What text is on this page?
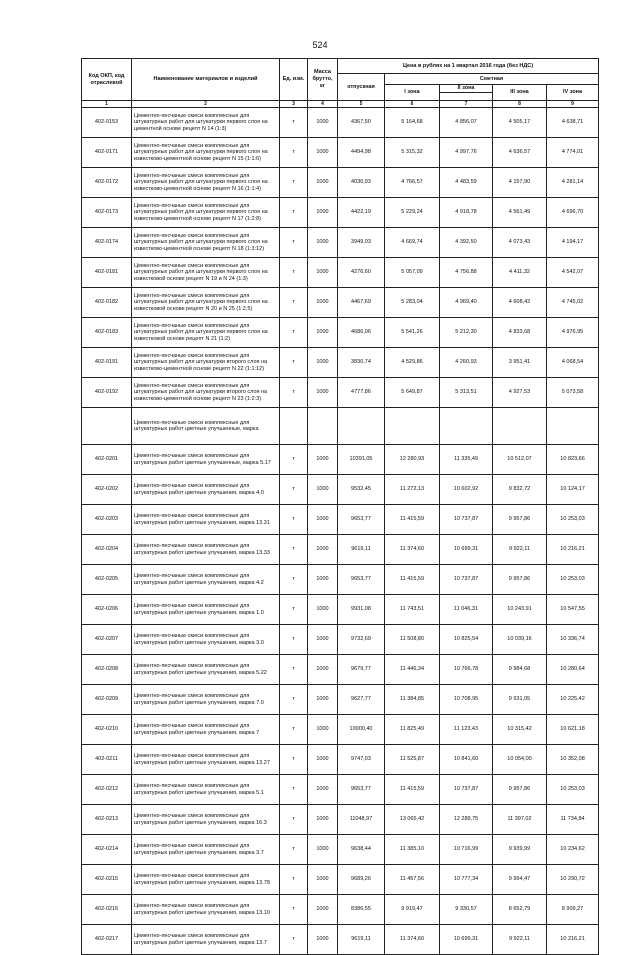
524
Код ОКП, код отраслевой	Наименование материалов и изделий	Ед. изм.	Масса брутто, кг	Цена в рублях на 1 квартал 2016 года (без НДС)				
				отпускная	Сметная			
					I зона	II зона	III зона	IV зона

1	2	3	4	5	6	7	8	9
402-0153	Цементно-песчаные смеси комплексные для штукатурных работ для штукатурки первого слоя на цементной основе рецепт N 14 (1:3)	т	1000	4367,50	5 164,68	4 856,07	4 505,17	4 638,71
402-0171	Цементно-песчаные смеси комплексные для штукатурных работ для штукатурки первого слоя на известково-цементной основе рецепт N 15 (1:1:6)	т	1000	4494,98	5 315,32	4 997,76	4 636,57	4 774,01
402-0172	Цементно-песчаные смеси комплексные для штукатурных работ для штукатурки первого слоя на известково-цементной основе рецепт N 16 (1:1:4)	т	1000	4030,93	4 766,57	4 483,59	4 157,90	4 281,14
402-0173	Цементно-песчаные смеси комплексные для штукатурных работ для штукатурки первого слоя на известково-цементной основе рецепт N 17 (1:2:8)	т	1000	4422,19	5 229,24	4 918,78	4 561,49	4 696,70
402-0174	Цементно-песчаные смеси комплексные для штукатурных работ для штукатурки первого слоя на известково-цементной основе рецепт N 18 (1:3:12)	т	1000	3949,03	4 669,74	4 392,50	4 073,43	4 194,17
402-0181	Цементно-песчаные смеси комплексные для штукатурных работ для штукатурки первого слоя на известковой основе рецепт N 19 и N 24 (1:3)	т	1000	4276,60	5 057,09	4 756,88	4 411,32	4 542,07
402-0182	Цементно-песчаные смеси комплексные для штукатурных работ для штукатурки первого слоя на известковой основе рецепт N 20 и N 25 (1:2,5)	т	1000	4467,69	5 283,04	4 969,40	4 608,42	4 745,02
402-0183	Цементно-песчаные смеси комплексные для штукатурных работ для штукатурки первого слоя на известковой основе рецепт N 21 (1:2)	т	1000	4686,06	5 541,26	5 212,30	4 833,68	4 976,95
402-0191	Цементно-песчаные смеси комплексные для штукатурных работ для штукатурки второго слоя на известково-цементной основе рецепт N 22 (1:1:12)	т	1000	3830,74	4 529,86	4 260,93	3 951,41	4 068,54
402-0192	Цементно-песчаные смеси комплексные для штукатурных работ для штукатурки второго слоя на известково-цементной основе рецепт N 23 (1:2:3)	т	1000	4777,86	5 649,87	5 313,51	4 927,53	5 073,58
	Цементно-песчаные смеси комплексные для штукатурных работ цветные улучшенные, марка							
402-0201	Цементно-песчаные смеси комплексные для штукатурных работ цветные улучшенные, марка 5.17	т	1000	10391,05	12 280,93	11 335,49	10 512,07	10 823,66
402-0202	Цементно-песчаные смеси комплексные для штукатурных работ цветные улучшения, марка 4.0	т	1000	9532,45	11 272,13	10 602,92	9 832,72	10 124,17
402-0203	Цементно-песчаные смеси комплексные для штукатурных работ цветные улучшения, марка 13.31	т	1000	9653,77	11 415,59	10 737,87	9 957,86	10 253,03
402-0204	Цементно-песчаные смеси комплексные для штукатурных работ цветные улучшения, марка 13.33	т	1000	9619,11	11 374,60	10 699,31	9 922,11	10 216,21
402-0205	Цементно-песчаные смеси комплексные для штукатурных работ цветные улучшения, марка 4.2	т	1000	9653,77	11 415,59	10 737,87	9 957,86	10 253,03
402-0206	Цементно-песчаные смеси комплексные для штукатурных работ цветные улучшения, марка 1.0	т	1000	9931,08	11 743,51	11 046,31	10 243,91	10 547,55
402-0207	Цементно-песчаные смеси комплексные для штукатурных работ цветные улучшения, марка 3.0	т	1000	9732,69	11 508,80	10 825,54	10 039,16	10 336,74
402-0208	Цементно-песчаные смеси комплексные для штукатурных работ цветные улучшения, марка 5.22	т	1000	9679,77	11 446,34	10 766,78	9 984,68	10 280,64
402-0209	Цементно-песчаные смеси комплексные для штукатурных работ цветные улучшения, марка 7.0	т	1000	9627,77	11 384,85	10 708,95	9 931,05	10 225,42
402-0210	Цементно-песчаные смеси комплексные для штукатурных работ цветные улучшения, марка 7	т	1000	10000,40	11 825,49	11 123,43	10 315,42	10 621,18
402-0211	Цементно-песчаные смеси комплексные для штукатурных работ цветные улучшения, марка 13.27	т	1000	9747,03	11 525,87	10 841,60	10 054,00	10 352,08
402-0212	Цементно-песчаные смеси комплексные для штукатурных работ цветные улучшения, марка 5.1	т	1000	9653,77	11 415,59	10 737,87	9 957,86	10 253,03
402-0213	Цементно-песчаные смеси комплексные для штукатурных работ цветные улучшения, марка 16.3	т	1000	11048,97	13 065,42	12 289,75	11 397,02	11 734,84
402-0214	Цементно-песчаные смеси комплексные для штукатурных работ цветные улучшения, марка 3.7	т	1000	9638,44	11 385,10	10 716,99	9 939,99	10 234,62
402-0215	Цементно-песчаные смеси комплексные для штукатурных работ цветные улучшения, марка 13.78	т	1000	9689,26	11 457,56	10 777,34	9 994,47	10 290,72
402-0216	Цементно-песчаные смеси комплексные для штукатурных работ цветные улучшения, марка 13.10	т	1000	8386,55	9 919,47	9 330,57	8 652,79	8 909,27
402-0217	Цементно-песчаные смеси комплексные для штукатурных работ цветные улучшения, марка 13.7	т	1000	9619,11	11 374,60	10 699,31	9 922,11	10 216,21
